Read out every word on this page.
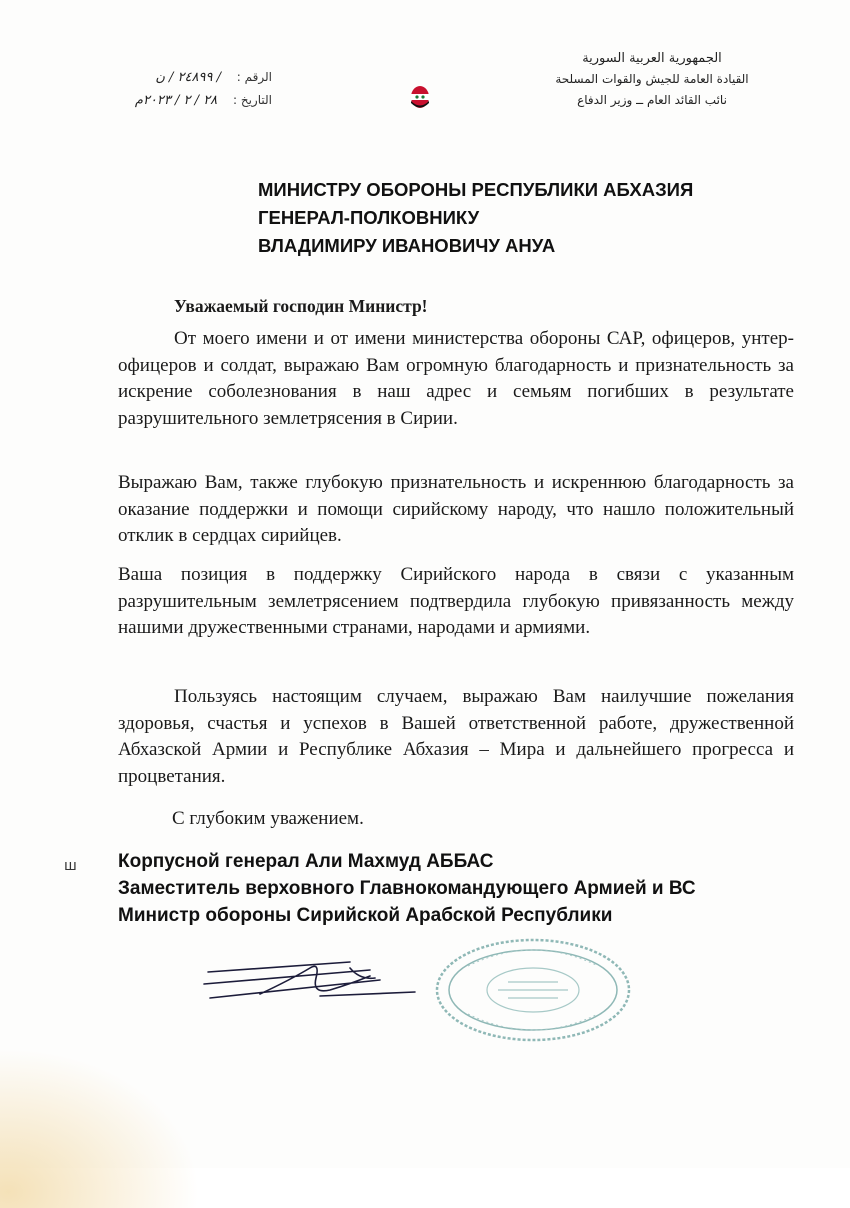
الجمهورية العربية السورية
القيادة العامة للجيش والقوات المسلحة
نائب القائد العام ــ وزير الدفاع
الرقم : / ٢٤٨٩٩ / ن
التاريخ : ٢٨ / ٢ / ٢٠٢٣م
МИНИСТРУ ОБОРОНЫ РЕСПУБЛИКИ АБХАЗИЯ
ГЕНЕРАЛ-ПОЛКОВНИКУ
ВЛАДИМИРУ ИВАНОВИЧУ АНУА
Уважаемый господин Министр!
От моего имени и от имени министерства обороны САР, офицеров, унтер-офицеров и солдат, выражаю Вам огромную благодарность и признательность за искрение соболезнования в наш адрес и семьям погибших в результате разрушительного землетрясения в Сирии.
Выражаю Вам, также глубокую признательность и искреннюю благодарность за оказание поддержки и помощи сирийскому народу, что нашло положительный отклик в сердцах сирийцев.
Ваша позиция в поддержку Сирийского народа в связи с указанным разрушительным землетрясением подтвердила глубокую привязанность между нашими дружественными странами, народами и армиями.
Пользуясь настоящим случаем, выражаю Вам наилучшие пожелания здоровья, счастья и успехов в Вашей ответственной работе, дружественной Абхазской Армии и Республике Абхазия – Мира и дальнейшего прогресса и процветания.
С глубоким уважением.
ш Корпусной генерал Али Махмуд АББАС
Заместитель верховного Главнокомандующего Армией и ВС
Министр обороны Сирийской Арабской Республики
